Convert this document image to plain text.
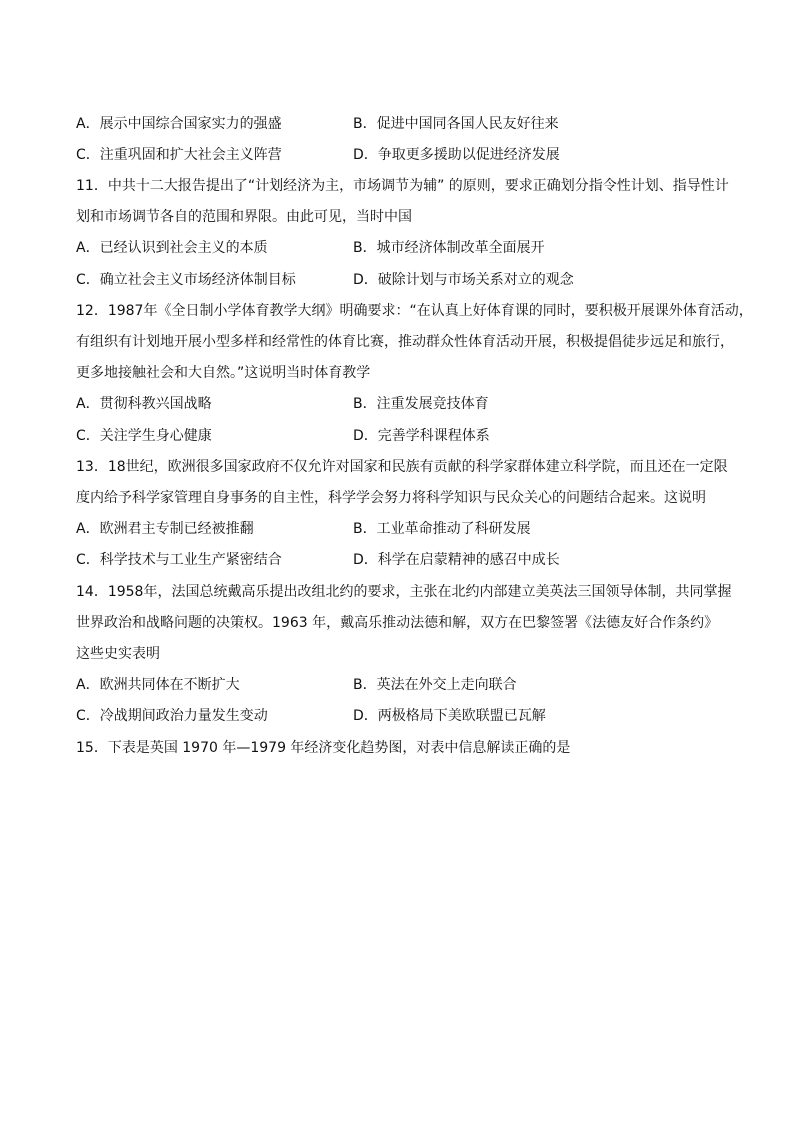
A．展示中国综合国家实力的强盛	B．促进中国同各国人民友好往来
C．注重巩固和扩大社会主义阵营	D．争取更多援助以促进经济发展
11．中共十二大报告提出了“计划经济为主，市场调节为辅” 的原则，要求正确划分指令性计划、指导性计
划和市场调节各自的范围和界限。由此可见，当时中国
A．已经认识到社会主义的本质	B．城市经济体制改革全面展开
C．确立社会主义市场经济体制目标	D．破除计划与市场关系对立的观念
12．1987年《全日制小学体育教学大纲》明确要求：“在认真上好体育课的同时，要积极开展课外体育活动，
有组织有计划地开展小型多样和经常性的体育比赛，推动群众性体育活动开展，积极提倡徒步远足和旅行，
更多地接触社会和大自然。”这说明当时体育教学
A．贯彻科教兴国战略	B．注重发展竞技体育
C．关注学生身心健康	D．完善学科课程体系
13．18世纪，欧洲很多国家政府不仅允许对国家和民族有贡献的科学家群体建立科学院，而且还在一定限
度内给予科学家管理自身事务的自主性，科学学会努力将科学知识与民众关心的问题结合起来。这说明
A．欧洲君主专制已经被推翻	B．工业革命推动了科研发展
C．科学技术与工业生产紧密结合	D．科学在启蒙精神的感召中成长
14．1958年，法国总统戴高乐提出改组北约的要求，主张在北约内部建立美英法三国领导体制，共同掌握
世界政治和战略问题的决策权。1963 年，戴高乐推动法德和解，双方在巴黎签署《法德友好合作条约》
这些史实表明
A．欧洲共同体在不断扩大	B．英法在外交上走向联合
C．冷战期间政治力量发生变动	D．两极格局下美欧联盟已瓦解
15．下表是英国 1970 年—1979 年经济变化趋势图，对表中信息解读正确的是
